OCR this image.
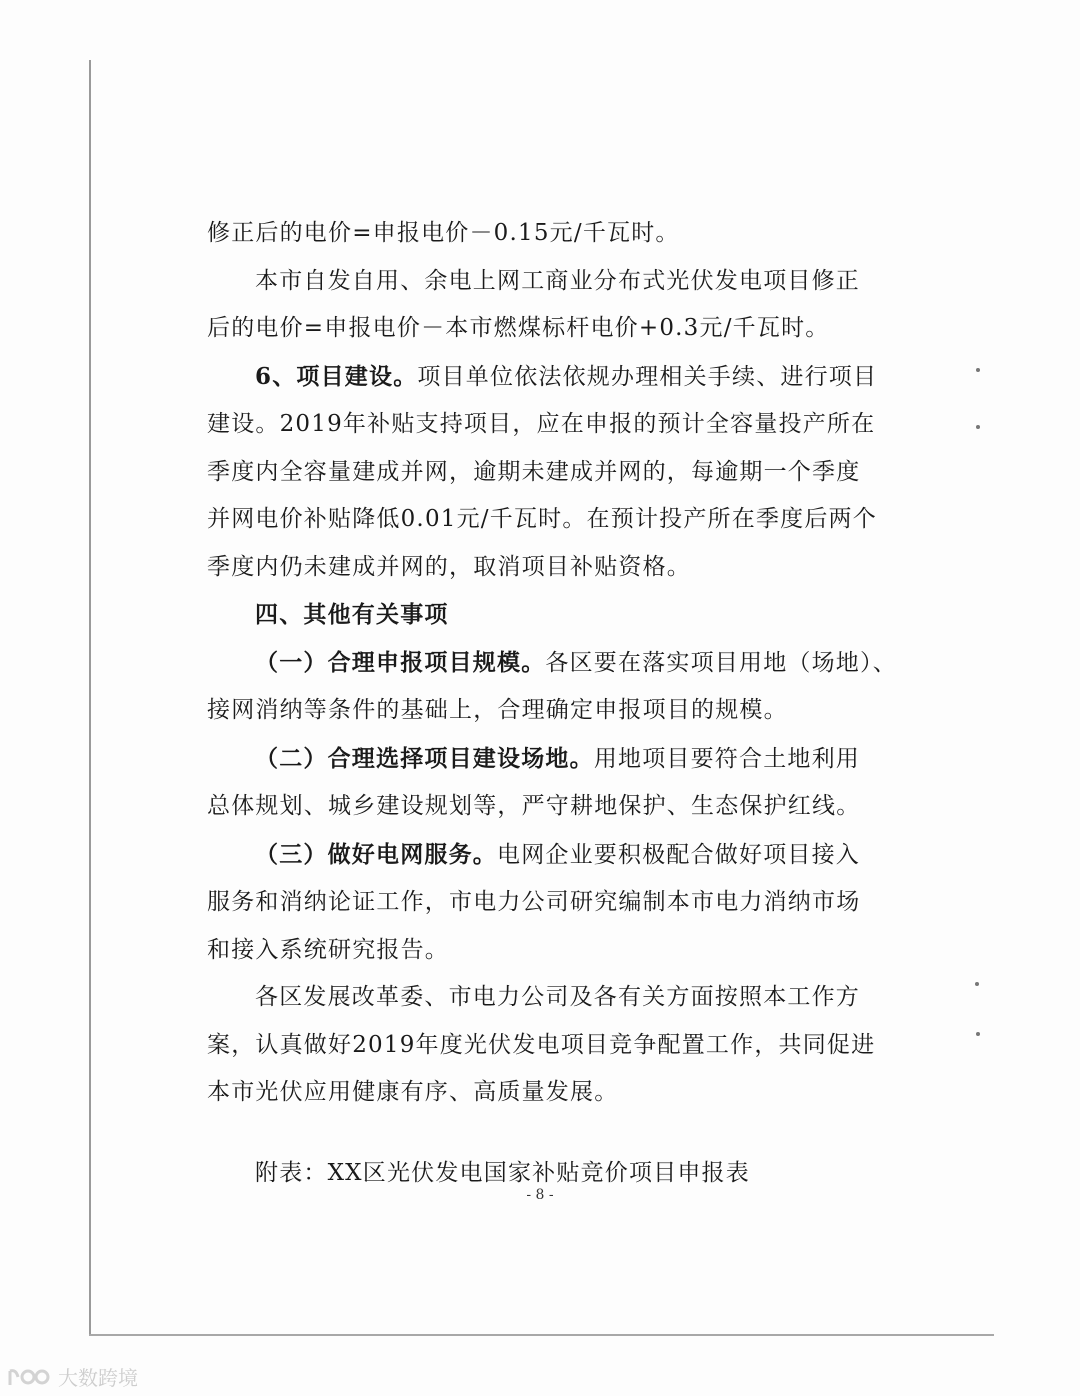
修正后的电价=申报电价－0.15元/千瓦时。
本市自发自用、余电上网工商业分布式光伏发电项目修正
后的电价=申报电价－本市燃煤标杆电价+0.3元/千瓦时。
6、项目建设。项目单位依法依规办理相关手续、进行项目
建设。2019年补贴支持项目，应在申报的预计全容量投产所在
季度内全容量建成并网，逾期未建成并网的，每逾期一个季度
并网电价补贴降低0.01元/千瓦时。在预计投产所在季度后两个
季度内仍未建成并网的，取消项目补贴资格。
四、其他有关事项
（一）合理申报项目规模。各区要在落实项目用地（场地）、
接网消纳等条件的基础上，合理确定申报项目的规模。
（二）合理选择项目建设场地。用地项目要符合土地利用
总体规划、城乡建设规划等，严守耕地保护、生态保护红线。
（三）做好电网服务。电网企业要积极配合做好项目接入
服务和消纳论证工作，市电力公司研究编制本市电力消纳市场
和接入系统研究报告。
各区发展改革委、市电力公司及各有关方面按照本工作方
案，认真做好2019年度光伏发电项目竞争配置工作，共同促进
本市光伏应用健康有序、高质量发展。
附表：XX区光伏发电国家补贴竞价项目申报表
- 8 -
大数跨境
